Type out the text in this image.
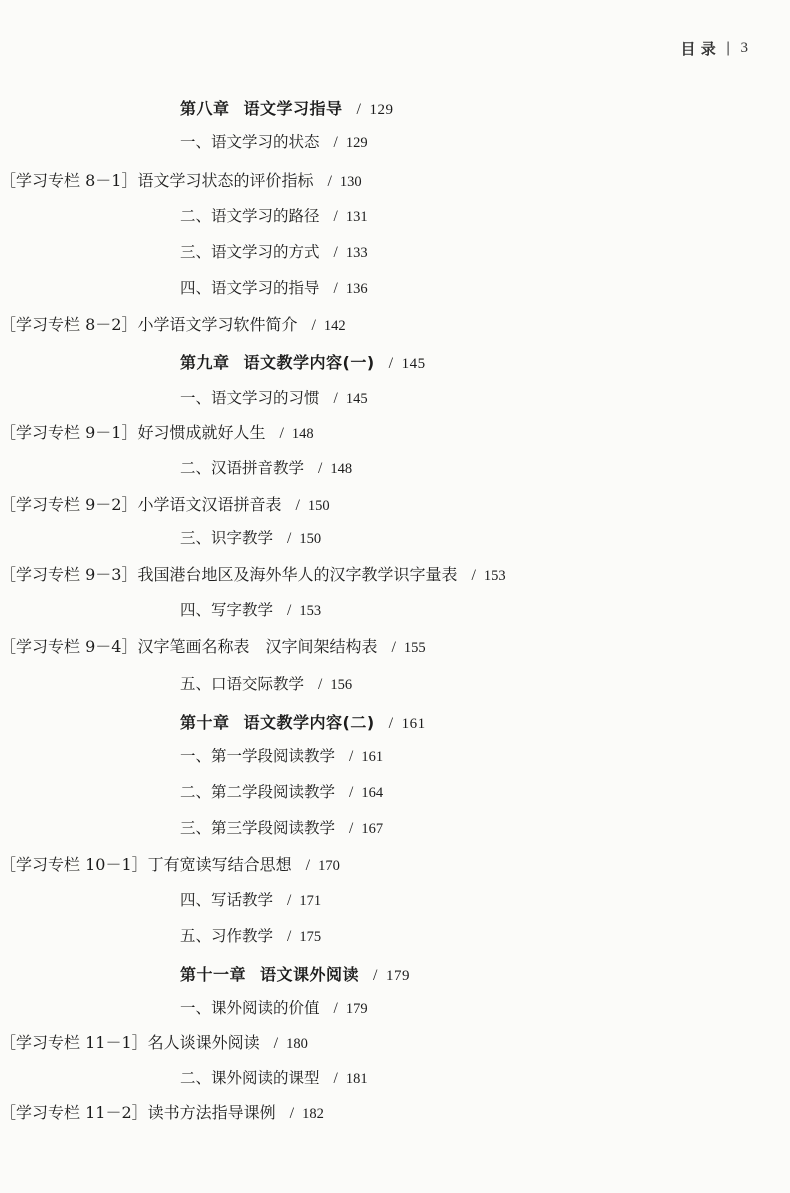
目 录 | 3
第八章 语文学习指导 / 129
一、语文学习的状态 / 129
［学习专栏 8－1］语文学习状态的评价指标 / 130
二、语文学习的路径 / 131
三、语文学习的方式 / 133
四、语文学习的指导 / 136
［学习专栏 8－2］小学语文学习软件简介 / 142
第九章 语文教学内容(一) / 145
一、语文学习的习惯 / 145
［学习专栏 9－1］好习惯成就好人生 / 148
二、汉语拼音教学 / 148
［学习专栏 9－2］小学语文汉语拼音表 / 150
三、识字教学 / 150
［学习专栏 9－3］我国港台地区及海外华人的汉字教学识字量表 / 153
四、写字教学 / 153
［学习专栏 9－4］汉字笔画名称表　汉字间架结构表 / 155
五、口语交际教学 / 156
第十章 语文教学内容(二) / 161
一、第一学段阅读教学 / 161
二、第二学段阅读教学 / 164
三、第三学段阅读教学 / 167
［学习专栏 10－1］丁有宽读写结合思想 / 170
四、写话教学 / 171
五、习作教学 / 175
第十一章 语文课外阅读 / 179
一、课外阅读的价值 / 179
［学习专栏 11－1］名人谈课外阅读 / 180
二、课外阅读的课型 / 181
［学习专栏 11－2］读书方法指导课例 / 182
